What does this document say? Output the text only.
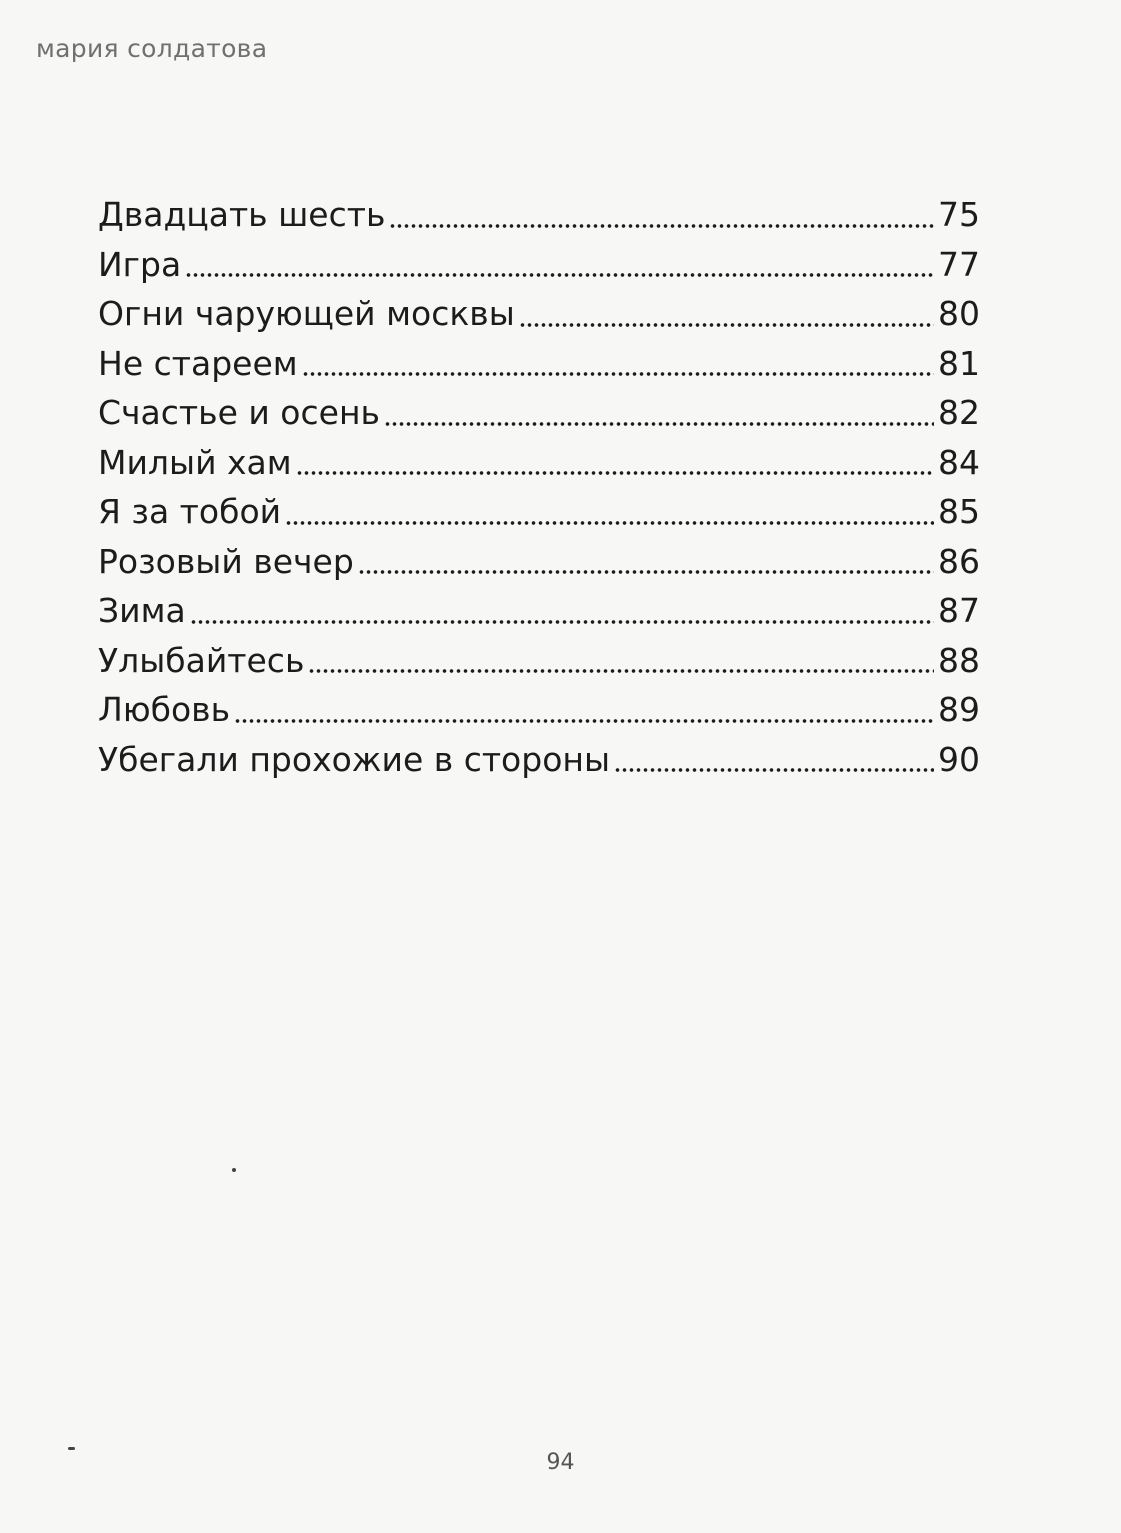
мария солдатова
Двадцать шесть	75
Игра	77
Огни чарующей москвы	80
Не стареем	81
Счастье и осень	82
Милый хам	84
Я за тобой	85
Розовый вечер	86
Зима	87
Улыбайтесь	88
Любовь	89
Убегали прохожие в стороны	90
94
